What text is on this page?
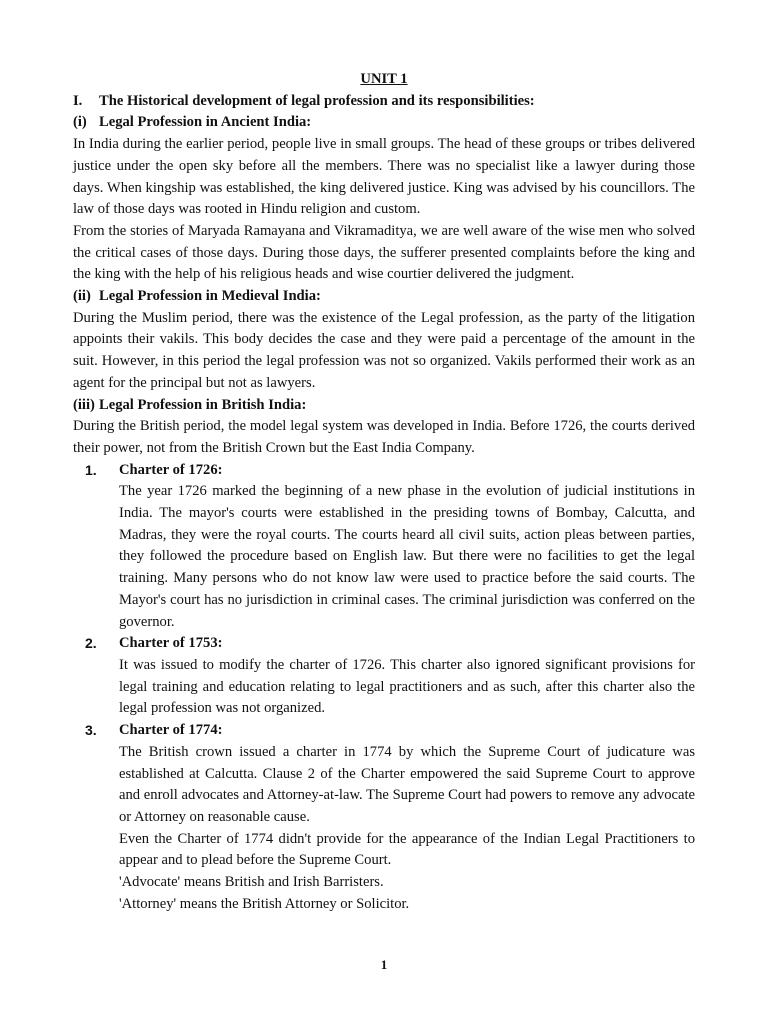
UNIT 1

I. The Historical development of legal profession and its responsibilities:

(i) Legal Profession in Ancient India:

In India during the earlier period, people live in small groups. The head of these groups or tribes delivered justice under the open sky before all the members. There was no specialist like a lawyer during those days. When kingship was established, the king delivered justice. King was advised by his councillors. The law of those days was rooted in Hindu religion and custom.

From the stories of Maryada Ramayana and Vikramaditya, we are well aware of the wise men who solved the critical cases of those days. During those days, the sufferer presented complaints before the king and the king with the help of his religious heads and wise courtier delivered the judgment.

(ii) Legal Profession in Medieval India:

During the Muslim period, there was the existence of the Legal profession, as the party of the litigation appoints their vakils. This body decides the case and they were paid a percentage of the amount in the suit. However, in this period the legal profession was not so organized. Vakils performed their work as an agent for the principal but not as lawyers.

(iii) Legal Profession in British India:

During the British period, the model legal system was developed in India. Before 1726, the courts derived their power, not from the British Crown but the East India Company.

1. Charter of 1726:

The year 1726 marked the beginning of a new phase in the evolution of judicial institutions in India. The mayor's courts were established in the presiding towns of Bombay, Calcutta, and Madras, they were the royal courts. The courts heard all civil suits, action pleas between parties, they followed the procedure based on English law. But there were no facilities to get the legal training. Many persons who do not know law were used to practice before the said courts. The Mayor's court has no jurisdiction in criminal cases. The criminal jurisdiction was conferred on the governor.

2. Charter of 1753:

It was issued to modify the charter of 1726. This charter also ignored significant provisions for legal training and education relating to legal practitioners and as such, after this charter also the legal profession was not organized.

3. Charter of 1774:

The British crown issued a charter in 1774 by which the Supreme Court of judicature was established at Calcutta. Clause 2 of the Charter empowered the said Supreme Court to approve and enroll advocates and Attorney-at-law. The Supreme Court had powers to remove any advocate or Attorney on reasonable cause.

Even the Charter of 1774 didn't provide for the appearance of the Indian Legal Practitioners to appear and to plead before the Supreme Court.

'Advocate' means British and Irish Barristers.

'Attorney' means the British Attorney or Solicitor.

1
